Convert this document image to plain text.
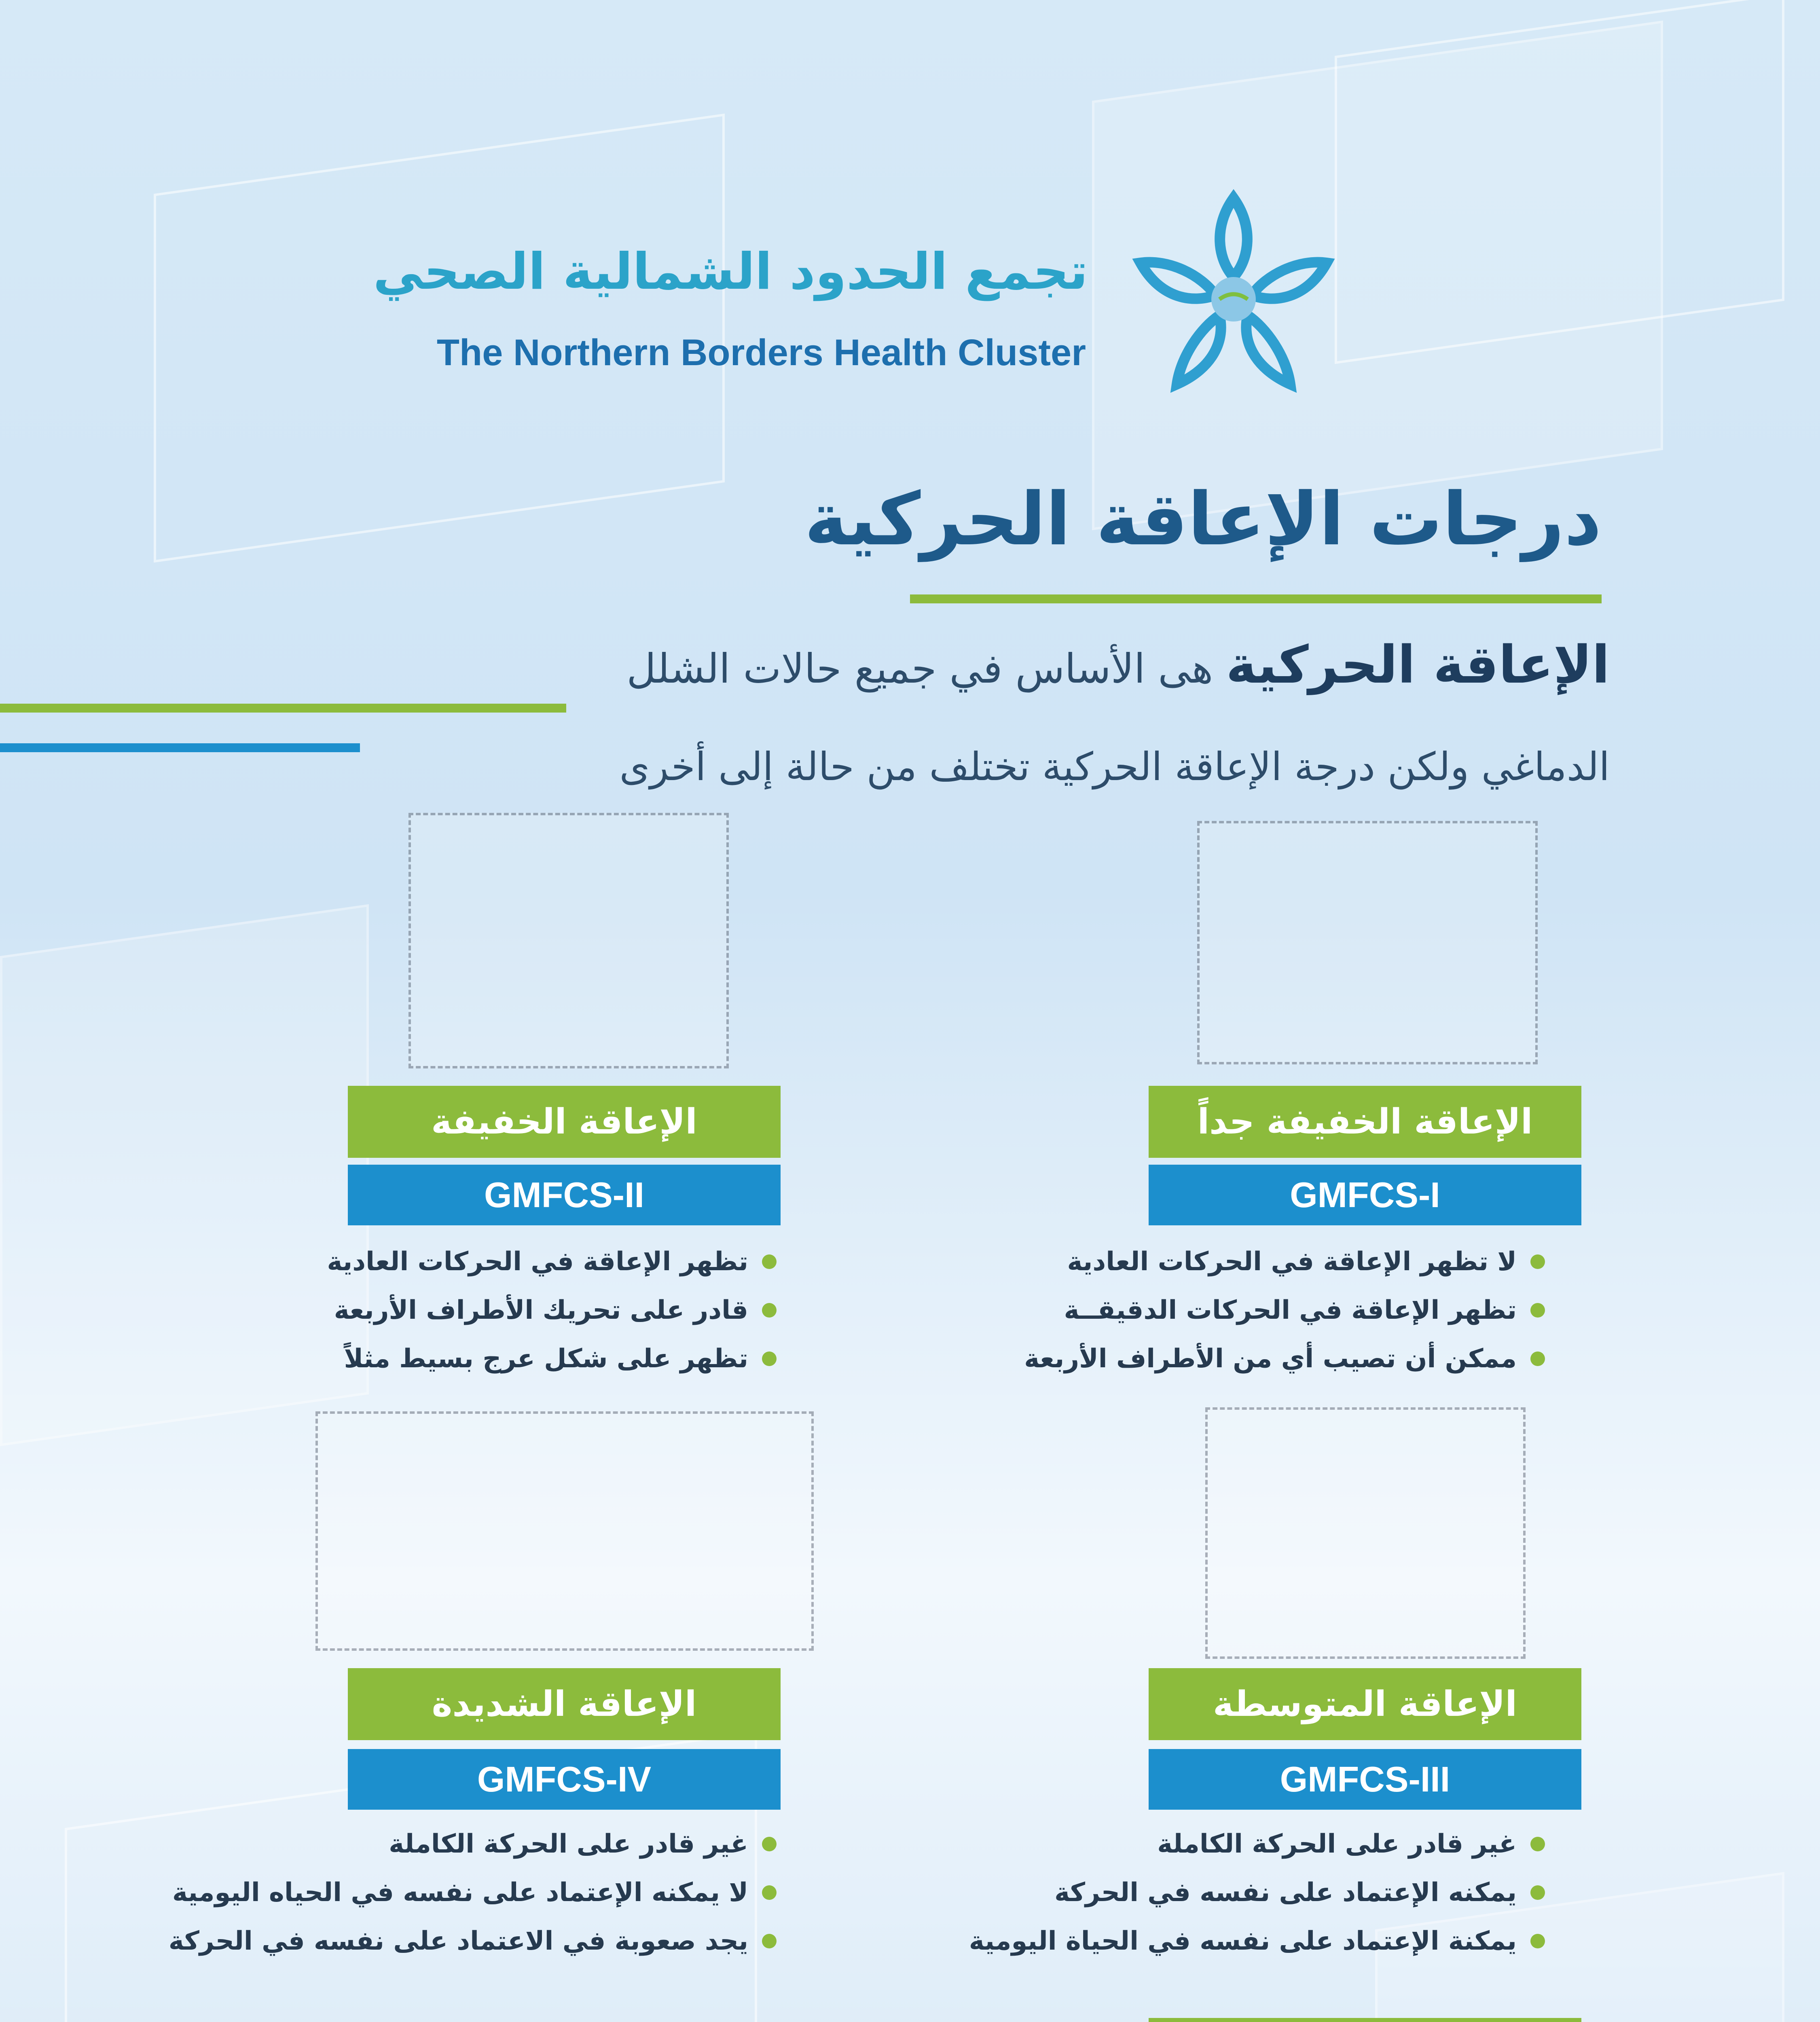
تجمع الحدود الشمالية الصحي
The Northern Borders Health Cluster
درجات الإعاقة الحركية
الإعاقة الحركية هى الأساس في جميع حالات الشلل
الدماغي ولكن درجة الإعاقة الحركية تختلف من حالة إلى أخرى
الإعاقة الخفيفة جداً
GMFCS-I
لا تظهر الإعاقة في الحركات العادية
تظهر الإعاقة في الحركات الدقيقــة
ممكن أن تصيب أي من الأطراف الأربعة
الإعاقة الخفيفة
GMFCS-II
تظهر الإعاقة في الحركات العادية
قادر على تحريك الأطراف الأربعة
تظهر على شكل عرج بسيط مثلاً
الإعاقة المتوسطة
GMFCS-III
غير قادر على الحركة الكاملة
يمكنه الإعتماد على نفسه في الحركة
يمكنة الإعتماد على نفسه في الحياة اليومية
الإعاقة الشديدة
GMFCS-IV
غير قادر على الحركة الكاملة
لا يمكنه الإعتماد على نفسه في الحياه اليومية
يجد صعوبة في الاعتماد على نفسه في الحركة
